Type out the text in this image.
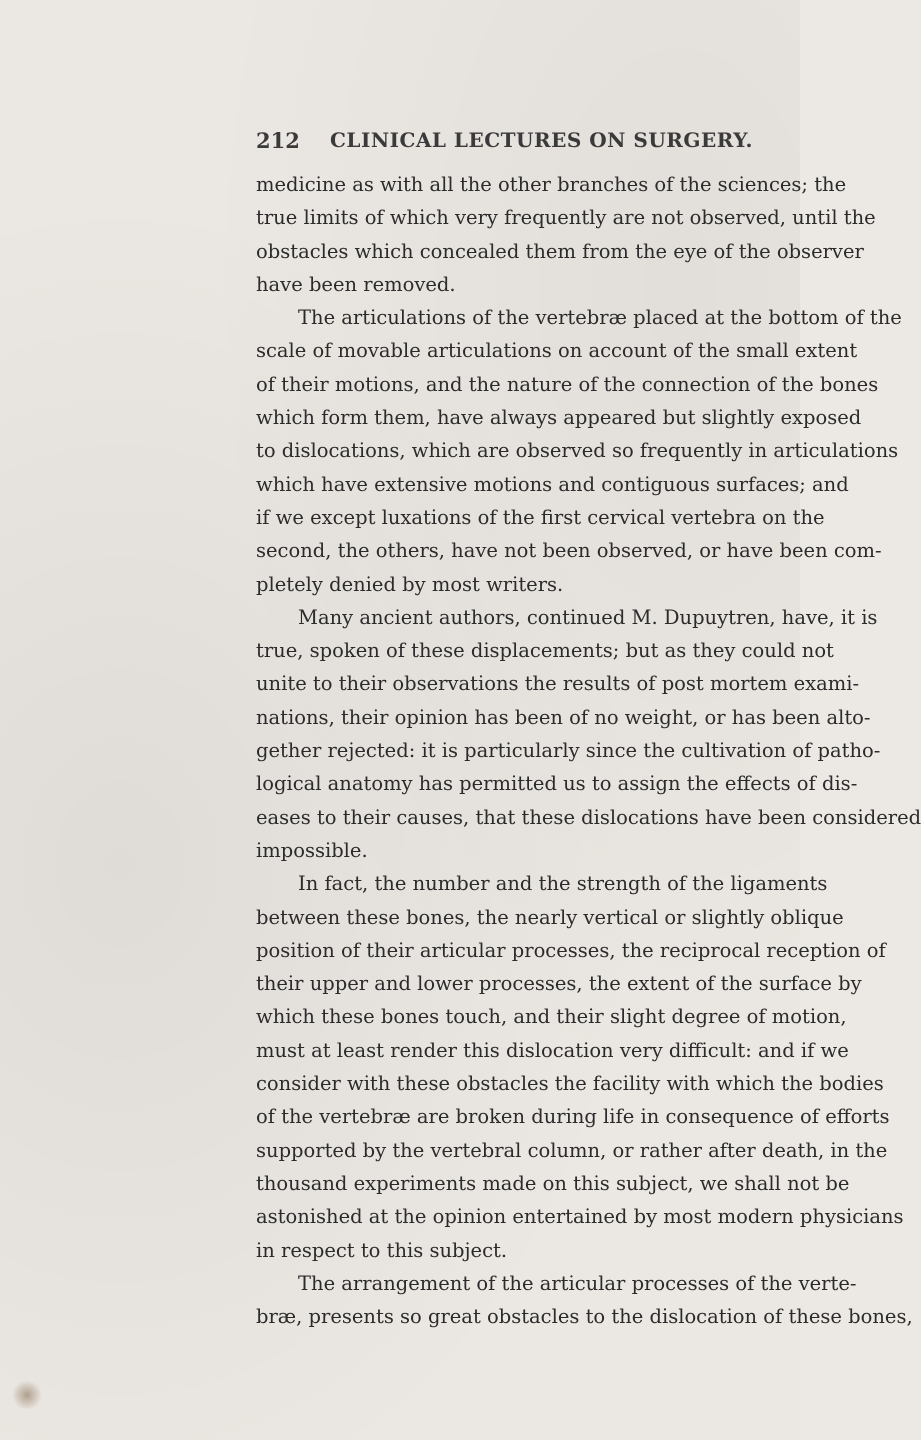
212 CLINICAL LECTURES ON SURGERY.
medicine as with all the other branches of the sciences; the
true limits of which very frequently are not observed, until the
obstacles which concealed them from the eye of the observer
have been removed.
The articulations of the vertebræ placed at the bottom of the
scale of movable articulations on account of the small extent
of their motions, and the nature of the connection of the bones
which form them, have always appeared but slightly exposed
to dislocations, which are observed so frequently in articulations
which have extensive motions and contiguous surfaces; and
if we except luxations of the first cervical vertebra on the
second, the others, have not been observed, or have been com-
pletely denied by most writers.
Many ancient authors, continued M. Dupuytren, have, it is
true, spoken of these displacements; but as they could not
unite to their observations the results of post mortem exami-
nations, their opinion has been of no weight, or has been alto-
gether rejected: it is particularly since the cultivation of patho-
logical anatomy has permitted us to assign the effects of dis-
eases to their causes, that these dislocations have been considered
impossible.
In fact, the number and the strength of the ligaments
between these bones, the nearly vertical or slightly oblique
position of their articular processes, the reciprocal reception of
their upper and lower processes, the extent of the surface by
which these bones touch, and their slight degree of motion,
must at least render this dislocation very difficult: and if we
consider with these obstacles the facility with which the bodies
of the vertebræ are broken during life in consequence of efforts
supported by the vertebral column, or rather after death, in the
thousand experiments made on this subject, we shall not be
astonished at the opinion entertained by most modern physicians
in respect to this subject.
The arrangement of the articular processes of the verte-
bræ, presents so great obstacles to the dislocation of these bones,
